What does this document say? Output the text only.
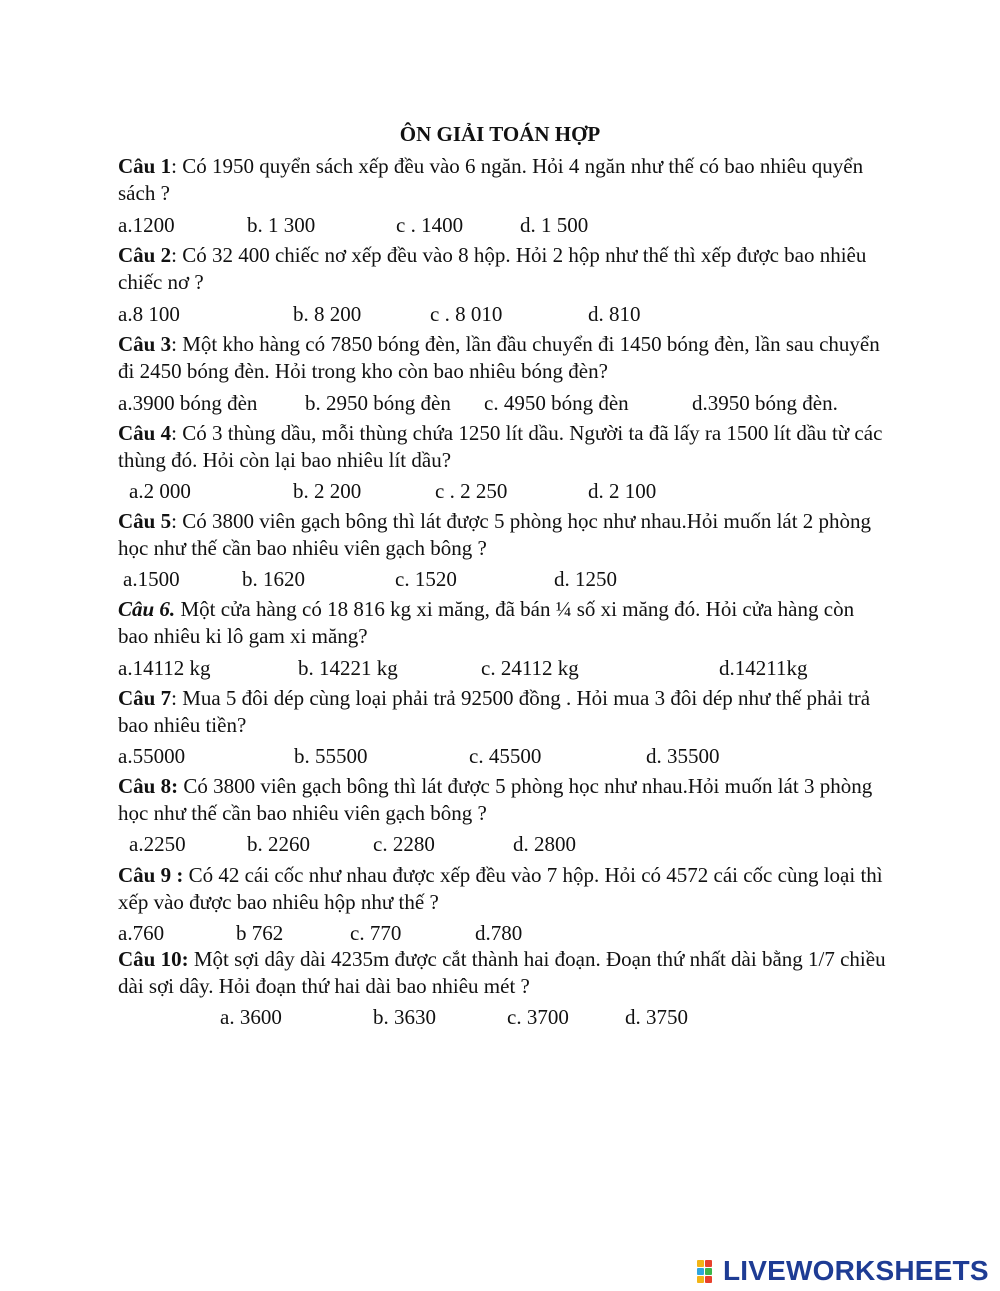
ÔN GIẢI TOÁN HỢP
Câu 1: Có 1950 quyển sách xếp đều vào 6 ngăn. Hỏi 4 ngăn như thế có bao nhiêu quyển sách ?
a.1200	b. 1 300	c . 1400	d. 1 500
Câu 2: Có 32 400 chiếc nơ xếp đều vào 8 hộp. Hỏi 2 hộp như thế thì xếp được bao nhiêu chiếc nơ ?
a.8 100	b. 8 200	c . 8 010	d. 810
Câu 3: Một kho hàng có 7850 bóng đèn, lần đầu chuyển đi 1450 bóng đèn, lần sau chuyển đi 2450 bóng đèn. Hỏi trong kho còn bao nhiêu bóng đèn?
a.3900 bóng đèn b. 2950 bóng đèn c. 4950 bóng đèn	d.3950 bóng đèn.
Câu 4: Có 3 thùng dầu, mỗi thùng chứa 1250 lít dầu. Người ta đã lấy ra 1500 lít dầu từ các thùng đó. Hỏi còn lại bao nhiêu lít dầu?
a.2 000	b. 2 200	c . 2 250	d. 2 100
Câu 5: Có 3800 viên gạch bông thì lát được 5 phòng học như nhau.Hỏi muốn lát 2 phòng học như thế cần bao nhiêu viên gạch bông ?
a.1500	b. 1620	c. 1520	d. 1250
Câu 6. Một cửa hàng có 18 816 kg xi măng, đã bán ¼ số xi măng đó. Hỏi cửa hàng còn bao nhiêu ki lô gam xi măng?
a.14112 kg	b. 14221 kg	c. 24112 kg	d.14211kg
Câu 7: Mua 5 đôi dép cùng loại phải trả 92500 đồng . Hỏi mua 3 đôi dép như thế phải trả bao nhiêu tiền?
a.55000	b. 55500	c. 45500	d. 35500
Câu 8: Có 3800 viên gạch bông thì lát được 5 phòng học như nhau.Hỏi muốn lát 3 phòng học như thế cần bao nhiêu viên gạch bông ?
a.2250	b. 2260	c. 2280	d. 2800
Câu 9 : Có 42 cái cốc như nhau được xếp đều vào 7 hộp. Hỏi có 4572 cái cốc cùng loại thì xếp vào được bao nhiêu hộp như thế ?
a.760	b 762	c. 770	d.780
Câu 10: Một sợi dây dài 4235m được cắt thành hai đoạn. Đoạn thứ nhất dài bằng 1/7 chiều dài sợi dây. Hỏi đoạn thứ hai dài bao nhiêu mét ?
a. 3600	b. 3630	c. 3700	d. 3750
LIVEWORKSHEETS
